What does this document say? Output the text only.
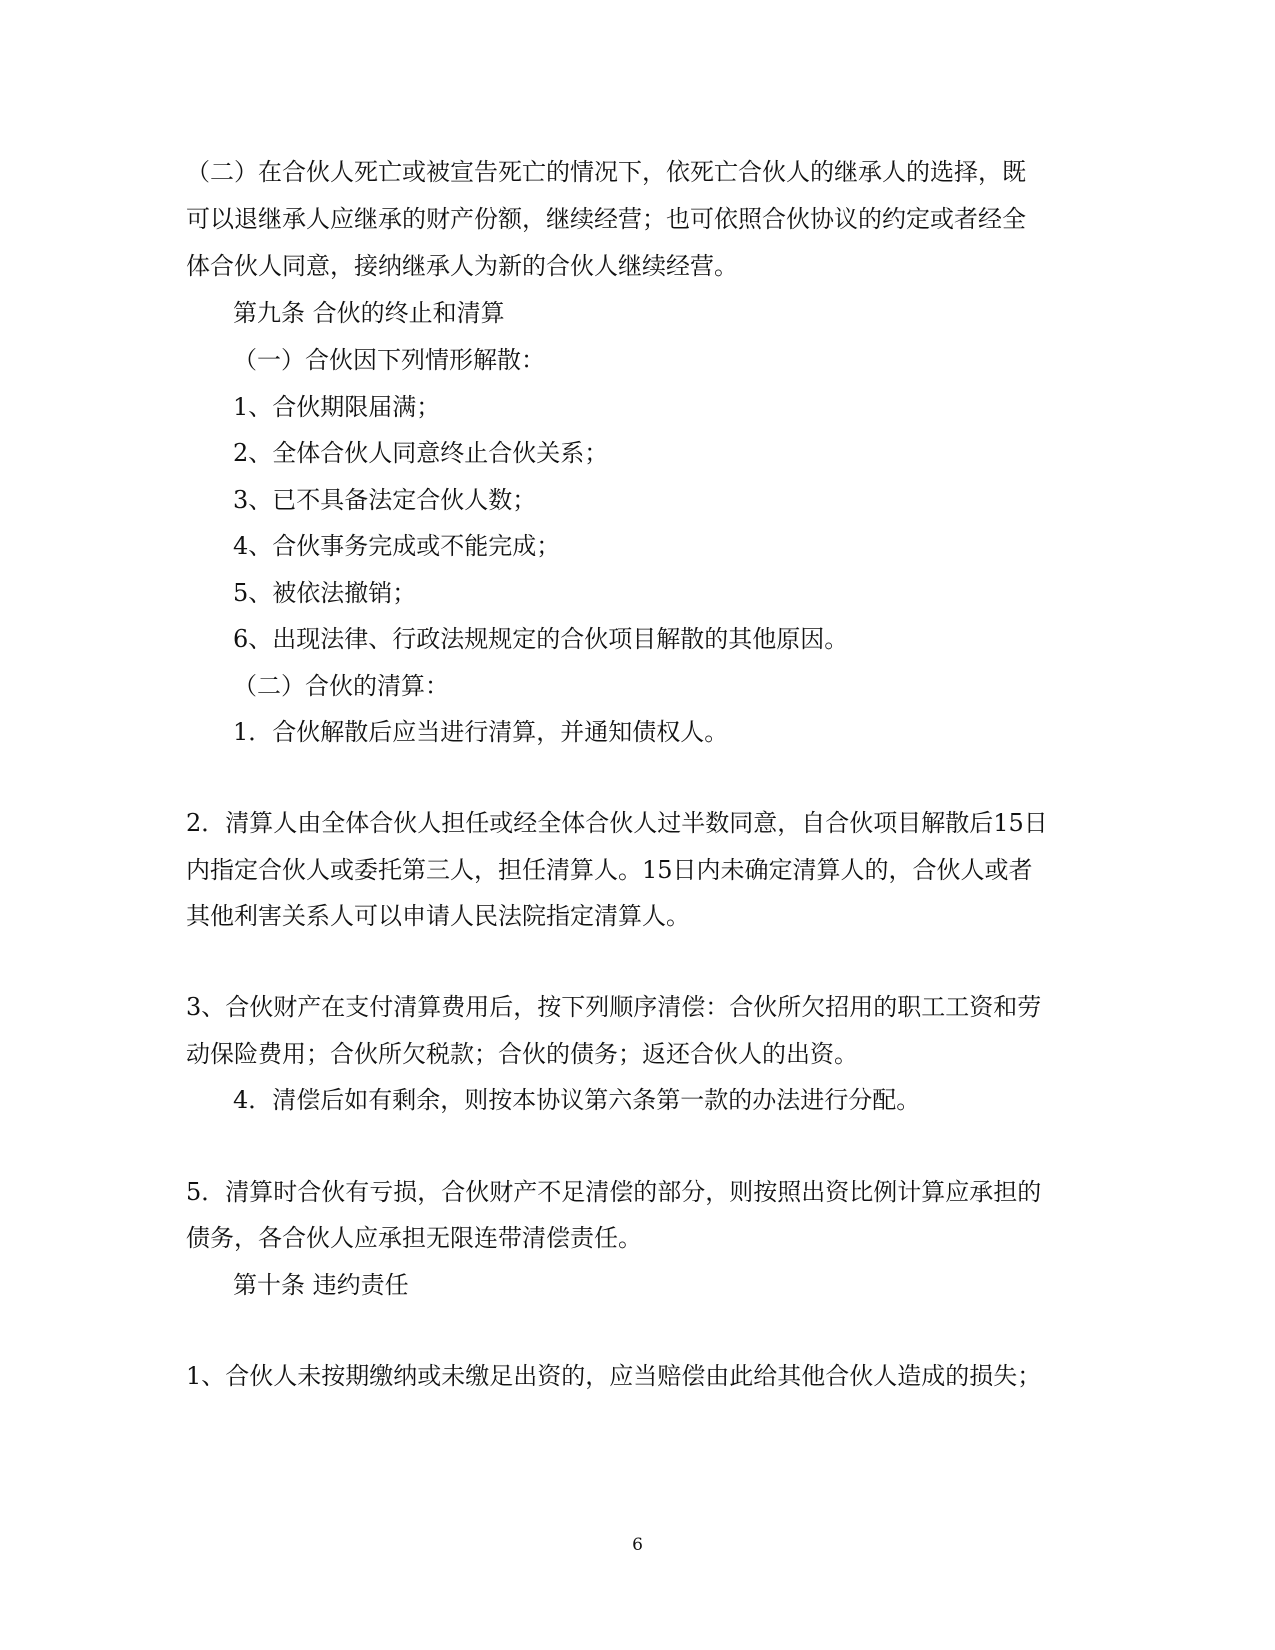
（二）在合伙人死亡或被宣告死亡的情况下，依死亡合伙人的继承人的选择，既

可以退继承人应继承的财产份额，继续经营；也可依照合伙协议的约定或者经全

体合伙人同意，接纳继承人为新的合伙人继续经营。

第九条 合伙的终止和清算

（一）合伙因下列情形解散：

1、合伙期限届满；

2、全体合伙人同意终止合伙关系；

3、已不具备法定合伙人数；

4、合伙事务完成或不能完成；

5、被依法撤销；

6、出现法律、行政法规规定的合伙项目解散的其他原因。

（二）合伙的清算：

1．合伙解散后应当进行清算，并通知债权人。

2．清算人由全体合伙人担任或经全体合伙人过半数同意，自合伙项目解散后15日

内指定合伙人或委托第三人，担任清算人。15日内未确定清算人的，合伙人或者

其他利害关系人可以申请人民法院指定清算人。

3、合伙财产在支付清算费用后，按下列顺序清偿：合伙所欠招用的职工工资和劳

动保险费用；合伙所欠税款；合伙的债务；返还合伙人的出资。

4．清偿后如有剩余，则按本协议第六条第一款的办法进行分配。

5．清算时合伙有亏损，合伙财产不足清偿的部分，则按照出资比例计算应承担的

债务，各合伙人应承担无限连带清偿责任。

第十条 违约责任

1、合伙人未按期缴纳或未缴足出资的，应当赔偿由此给其他合伙人造成的损失；

6
